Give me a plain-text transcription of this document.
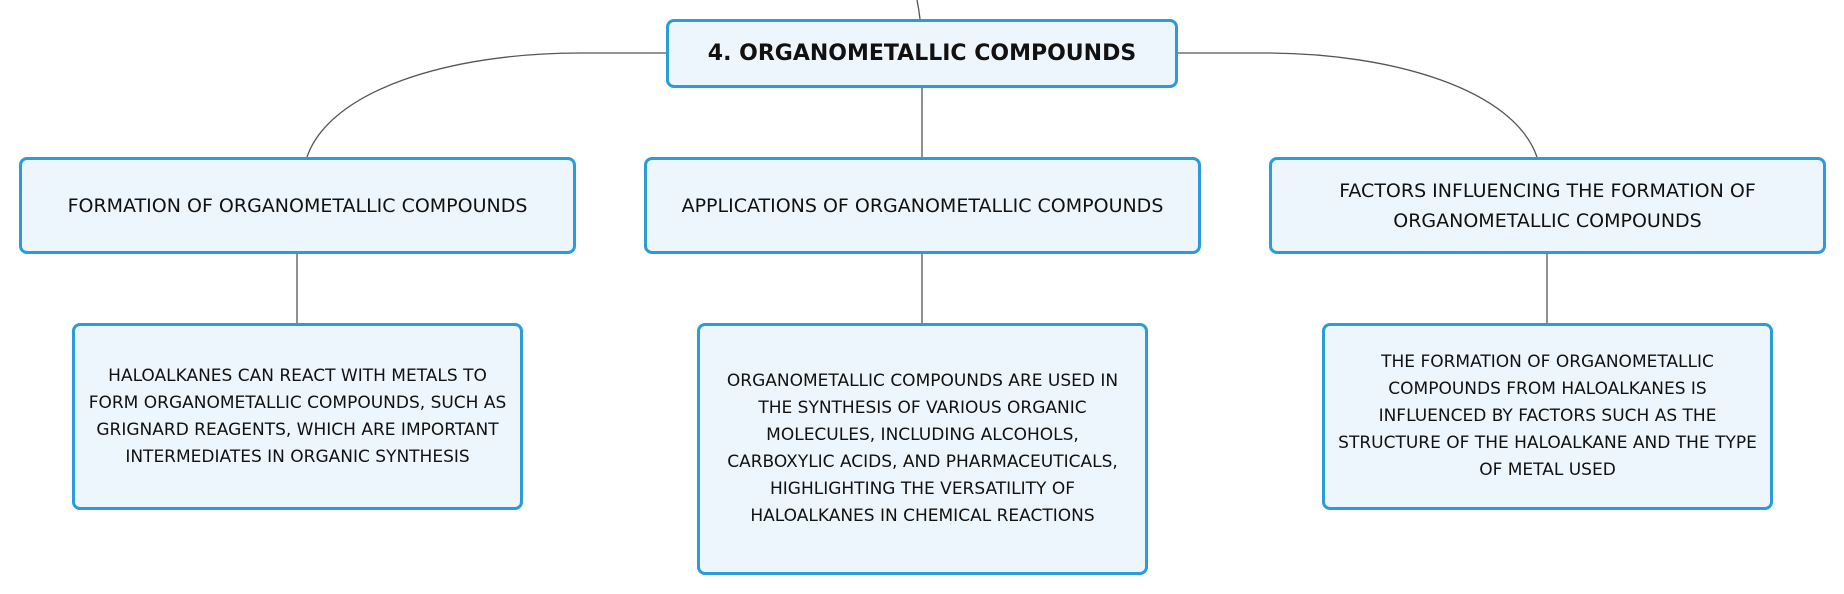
4. ORGANOMETALLIC COMPOUNDS
FORMATION OF ORGANOMETALLIC COMPOUNDS	APPLICATIONS OF ORGANOMETALLIC COMPOUNDS
FACTORS INFLUENCING THE FORMATION OF ORGANOMETALLIC COMPOUNDS
HALOALKANES CAN REACT WITH METALS TO FORM ORGANOMETALLIC COMPOUNDS, SUCH AS GRIGNARD REAGENTS, WHICH ARE IMPORTANT INTERMEDIATES IN ORGANIC SYNTHESIS
ORGANOMETALLIC COMPOUNDS ARE USED IN THE SYNTHESIS OF VARIOUS ORGANIC MOLECULES, INCLUDING ALCOHOLS, CARBOXYLIC ACIDS, AND PHARMACEUTICALS, HIGHLIGHTING THE VERSATILITY OF HALOALKANES IN CHEMICAL REACTIONS
THE FORMATION OF ORGANOMETALLIC COMPOUNDS FROM HALOALKANES IS INFLUENCED BY FACTORS SUCH AS THE STRUCTURE OF THE HALOALKANE AND THE TYPE OF METAL USED
